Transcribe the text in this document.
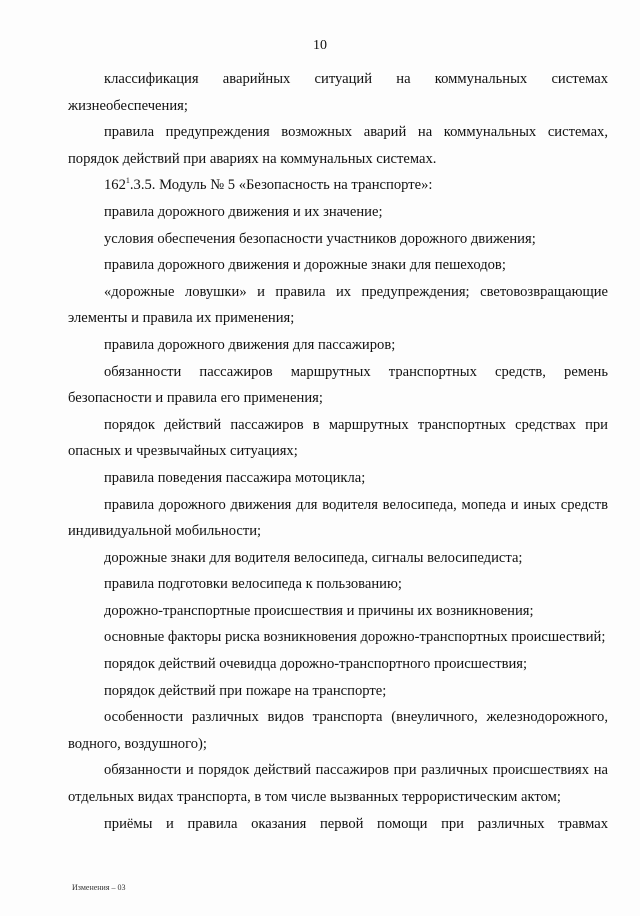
10

классификация аварийных ситуаций на коммунальных системах жизнеобеспечения;

правила предупреждения возможных аварий на коммунальных системах, порядок действий при авариях на коммунальных системах.

$162^1.3.5$. Модуль № 5 «Безопасность на транспорте»:

правила дорожного движения и их значение;

условия обеспечения безопасности участников дорожного движения;

правила дорожного движения и дорожные знаки для пешеходов;

«дорожные ловушки» и правила их предупреждения; световозвращающие элементы и правила их применения;

правила дорожного движения для пассажиров;

обязанности пассажиров маршрутных транспортных средств, ремень безопасности и правила его применения;

порядок действий пассажиров в маршрутных транспортных средствах при опасных и чрезвычайных ситуациях;

правила поведения пассажира мотоцикла;

правила дорожного движения для водителя велосипеда, мопеда и иных средств индивидуальной мобильности;

дорожные знаки для водителя велосипеда, сигналы велосипедиста;

правила подготовки велосипеда к пользованию;

дорожно-транспортные происшествия и причины их возникновения;

основные факторы риска возникновения дорожно-транспортных происшествий;

порядок действий очевидца дорожно-транспортного происшествия;

порядок действий при пожаре на транспорте;

особенности различных видов транспорта (внеуличного, железнодорожного, водного, воздушного);

обязанности и порядок действий пассажиров при различных происшествиях на отдельных видах транспорта, в том числе вызванных террористическим актом;

приёмы и правила оказания первой помощи при различных травмах

Изменения – 03
